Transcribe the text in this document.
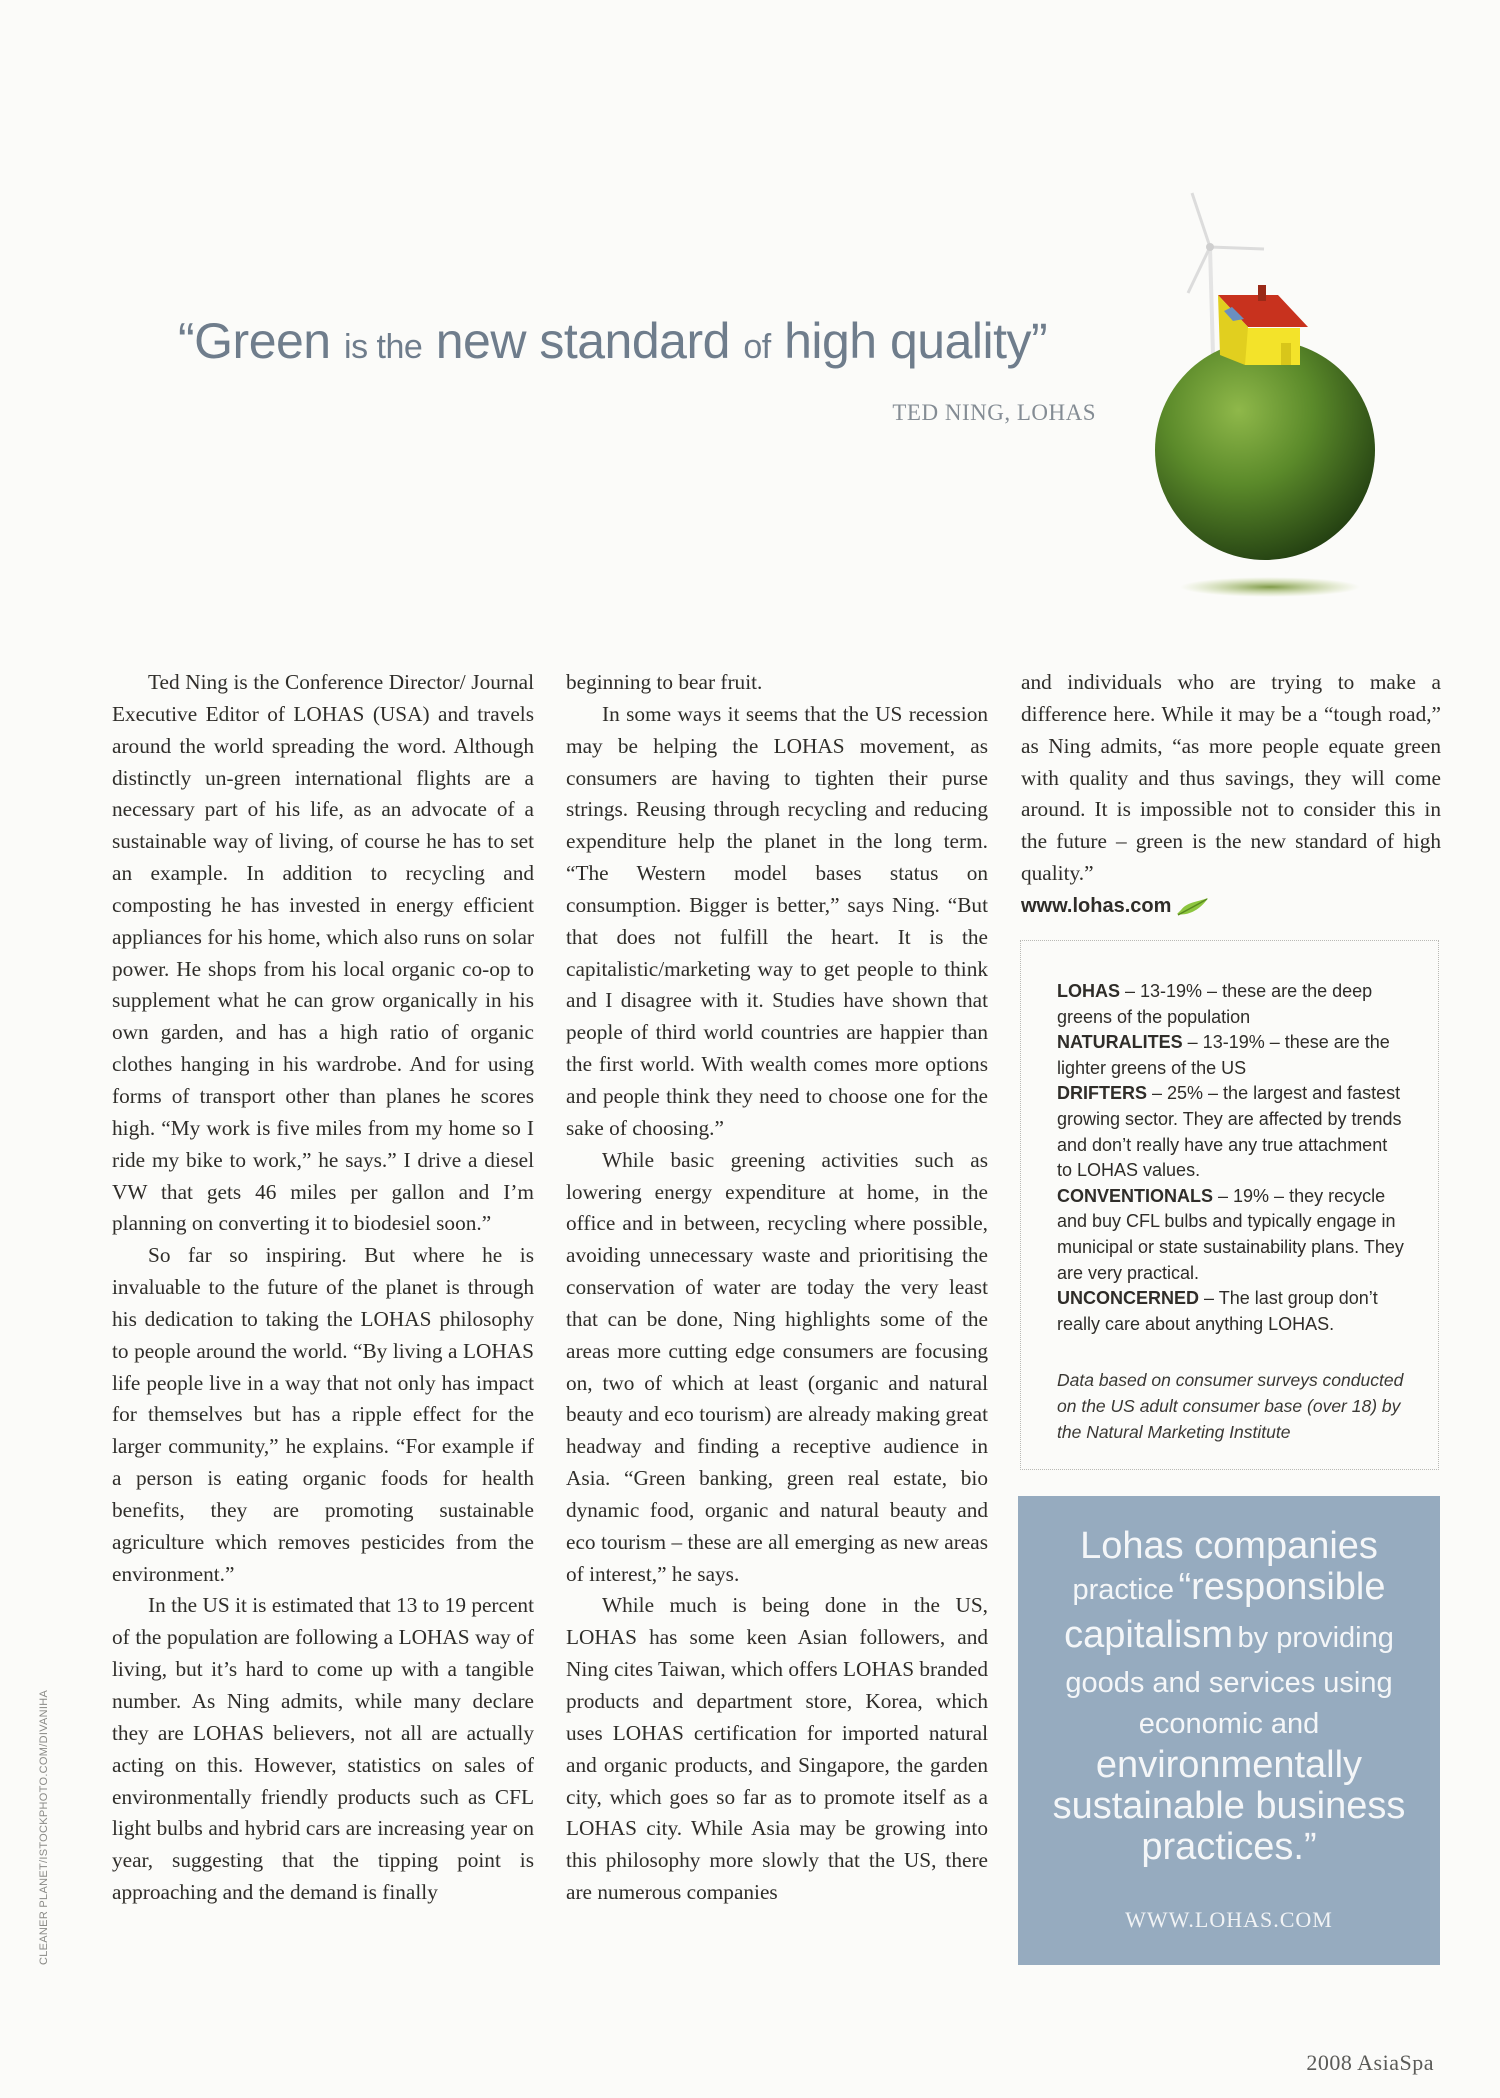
“Green is the new standard of high quality”
TED NING, LOHAS

Ted Ning is the Conference Director/ Journal Executive Editor of LOHAS (USA) and travels around the world spreading the word. Although distinctly un-green international flights are a necessary part of his life, as an advocate of a sustainable way of living, of course he has to set an example. In addition to recycling and composting he has invested in energy efficient appliances for his home, which also runs on solar power. He shops from his local organic co-op to supplement what he can grow organically in his own garden, and has a high ratio of organic clothes hanging in his wardrobe. And for using forms of transport other than planes he scores high. “My work is five miles from my home so I ride my bike to work,” he says.” I drive a diesel VW that gets 46 miles per gallon and I’m planning on converting it to biodesiel soon.”

So far so inspiring. But where he is invaluable to the future of the planet is through his dedication to taking the LOHAS philosophy to people around the world. “By living a LOHAS life people live in a way that not only has impact for themselves but has a ripple effect for the larger community,” he explains. “For example if a person is eating organic foods for health benefits, they are promoting sustainable agriculture which removes pesticides from the environment.”

In the US it is estimated that 13 to 19 percent of the population are following a LOHAS way of living, but it’s hard to come up with a tangible number. As Ning admits, while many declare they are LOHAS believers, not all are actually acting on this. However, statistics on sales of environmentally friendly products such as CFL light bulbs and hybrid cars are increasing year on year, suggesting that the tipping point is approaching and the demand is finally

beginning to bear fruit.

In some ways it seems that the US recession may be helping the LOHAS movement, as consumers are having to tighten their purse strings. Reusing through recycling and reducing expenditure help the planet in the long term. “The Western model bases status on consumption. Bigger is better,” says Ning. “But that does not fulfill the heart. It is the capitalistic/marketing way to get people to think and I disagree with it. Studies have shown that people of third world countries are happier than the first world. With wealth comes more options and people think they need to choose one for the sake of choosing.”

While basic greening activities such as lowering energy expenditure at home, in the office and in between, recycling where possible, avoiding unnecessary waste and prioritising the conservation of water are today the very least that can be done, Ning highlights some of the areas more cutting edge consumers are focusing on, two of which at least (organic and natural beauty and eco tourism) are already making great headway and finding a receptive audience in Asia. “Green banking, green real estate, bio dynamic food, organic and natural beauty and eco tourism – these are all emerging as new areas of interest,” he says.

While much is being done in the US, LOHAS has some keen Asian followers, and Ning cites Taiwan, which offers LOHAS branded products and department store, Korea, which uses LOHAS certification for imported natural and organic products, and Singapore, the garden city, which goes so far as to promote itself as a LOHAS city. While Asia may be growing into this philosophy more slowly that the US, there are numerous companies

and individuals who are trying to make a difference here. While it may be a “tough road,” as Ning admits, “as more people equate green with quality and thus savings, they will come around. It is impossible not to consider this in the future – green is the new standard of high quality.”

www.lohas.com

LOHAS – 13-19% – these are the deep greens of the population

NATURALITES – 13-19% – these are the lighter greens of the US

DRIFTERS – 25% – the largest and fastest growing sector. They are affected by trends and don’t really have any true attachment to LOHAS values.

CONVENTIONALS – 19% – they recycle and buy CFL bulbs and typically engage in municipal or state sustainability plans. They are very practical.

UNCONCERNED – The last group don’t really care about anything LOHAS.

Data based on consumer surveys conducted on the US adult consumer base (over 18) by the Natural Marketing Institute

Lohas companies
practice “responsible
capitalism by providing
goods and services using
economic and
environmentally
sustainable business
practices.”
WWW.LOHAS.COM
CLEANER PLANET/ISTOCKPHOTO.COM/DIVANIHA
2008 AsiaSpa
